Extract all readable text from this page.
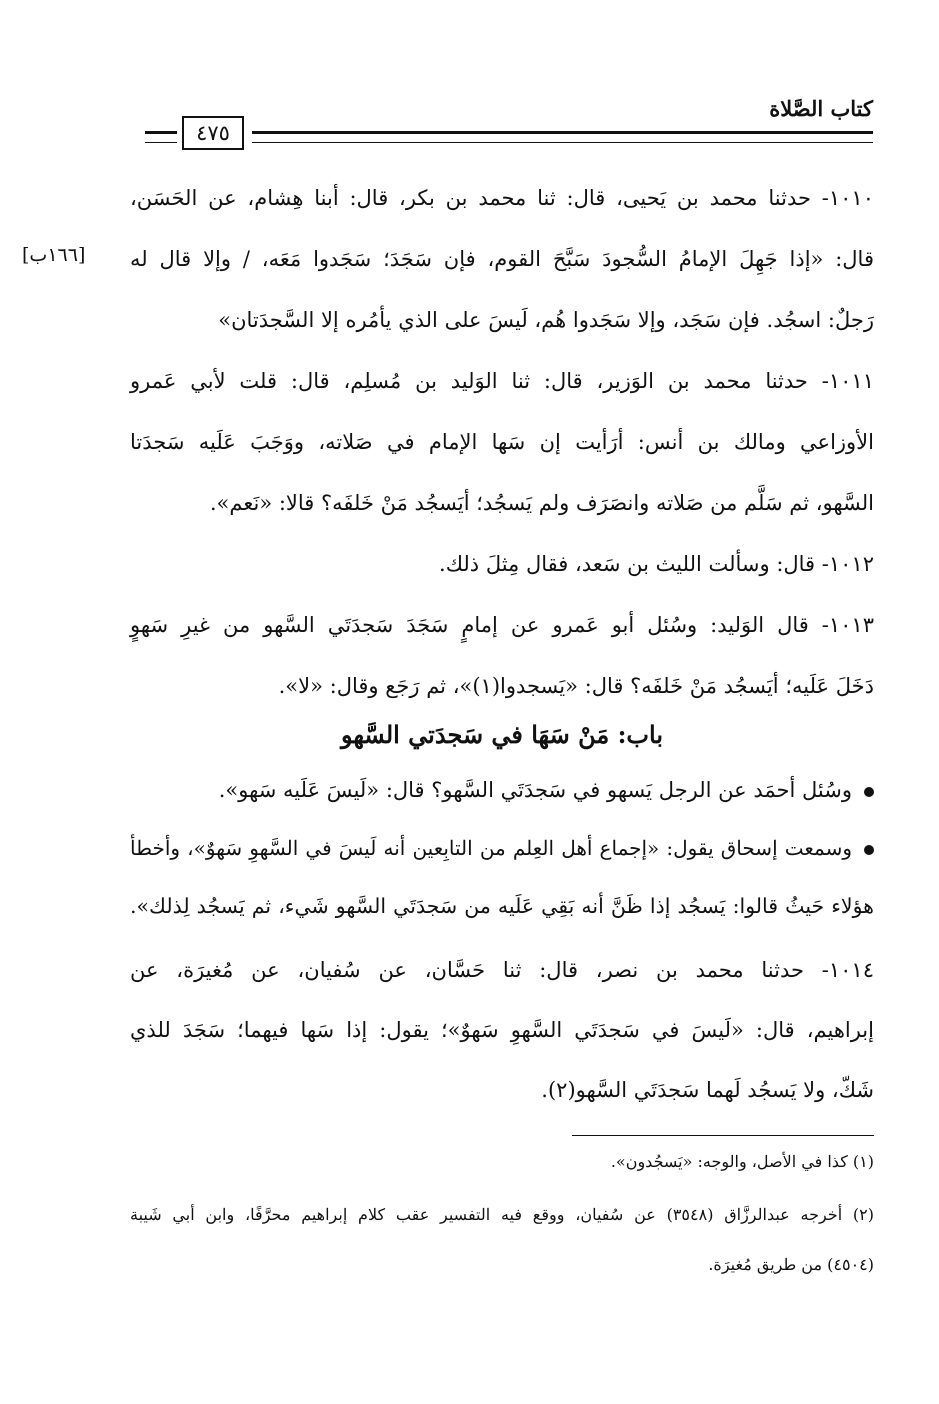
كتاب الصَّلاة
٤٧٥
[١٦٦ب]
١٠١٠- حدثنا محمد بن يَحيى، قال: ثنا محمد بن بكر، قال: أبنا هِشام، عن الحَسَن،
قال: «إذا جَهِلَ الإمامُ السُّجودَ سَبَّحَ القوم، فإن سَجَدَ؛ سَجَدوا مَعَه، / وإلا قال له
رَجلٌ: اسجُد. فإن سَجَد، وإلا سَجَدوا هُم، لَيسَ على الذي يأمُره إلا السَّجدَتان»
١٠١١- حدثنا محمد بن الوَزير، قال: ثنا الوَليد بن مُسلِم، قال: قلت لأبي عَمرو
الأوزاعي ومالك بن أنس: أرَأيت إن سَها الإمام في صَلاته، ووَجَبَ عَلَيه سَجدَتا
السَّهو، ثم سَلَّم من صَلاته وانصَرَف ولم يَسجُد؛ أيَسجُد مَنْ خَلفَه؟ قالا: «نَعم».
١٠١٢- قال: وسألت الليث بن سَعد، فقال مِثلَ ذلك.
١٠١٣- قال الوَليد: وسُئل أبو عَمرو عن إمامٍ سَجَدَ سَجدَتَي السَّهو من غيرِ سَهوٍ
دَخَلَ عَلَيه؛ أيَسجُد مَنْ خَلفَه؟ قال: «يَسجدوا(١)»، ثم رَجَع وقال: «لا».
باب: مَنْ سَهَا في سَجدَتي السَّهو
وسُئل أحمَد عن الرجل يَسهو في سَجدَتَي السَّهو؟ قال: «لَيسَ عَلَيه سَهو».
وسمعت إسحاق يقول: «إجماع أهل العِلم من التابِعين أنه لَيسَ في السَّهوِ سَهوٌ»، وأخطأ
هؤلاء حَيثُ قالوا: يَسجُد إذا ظَنَّ أنه بَقِي عَلَيه من سَجدَتَي السَّهو شَيء، ثم يَسجُد لِذلك».
١٠١٤- حدثنا محمد بن نصر، قال: ثنا حَسَّان، عن سُفيان، عن مُغيرَة، عن
إبراهيم، قال: «لَيسَ في سَجدَتَي السَّهوِ سَهوٌ»؛ يقول: إذا سَها فيهما؛ سَجَدَ للذي
شَكّ، ولا يَسجُد لَهما سَجدَتَي السَّهو(٢).
(١) كذا في الأصل، والوجه: «يَسجُدون».
(٢) أخرجه عبدالرزَّاق (٣٥٤٨) عن سُفيان، ووقع فيه التفسير عقب كلام إبراهيم محرَّفًا، وابن أبي شَيبة
(٤٥٠٤) من طريق مُغيرَة.
